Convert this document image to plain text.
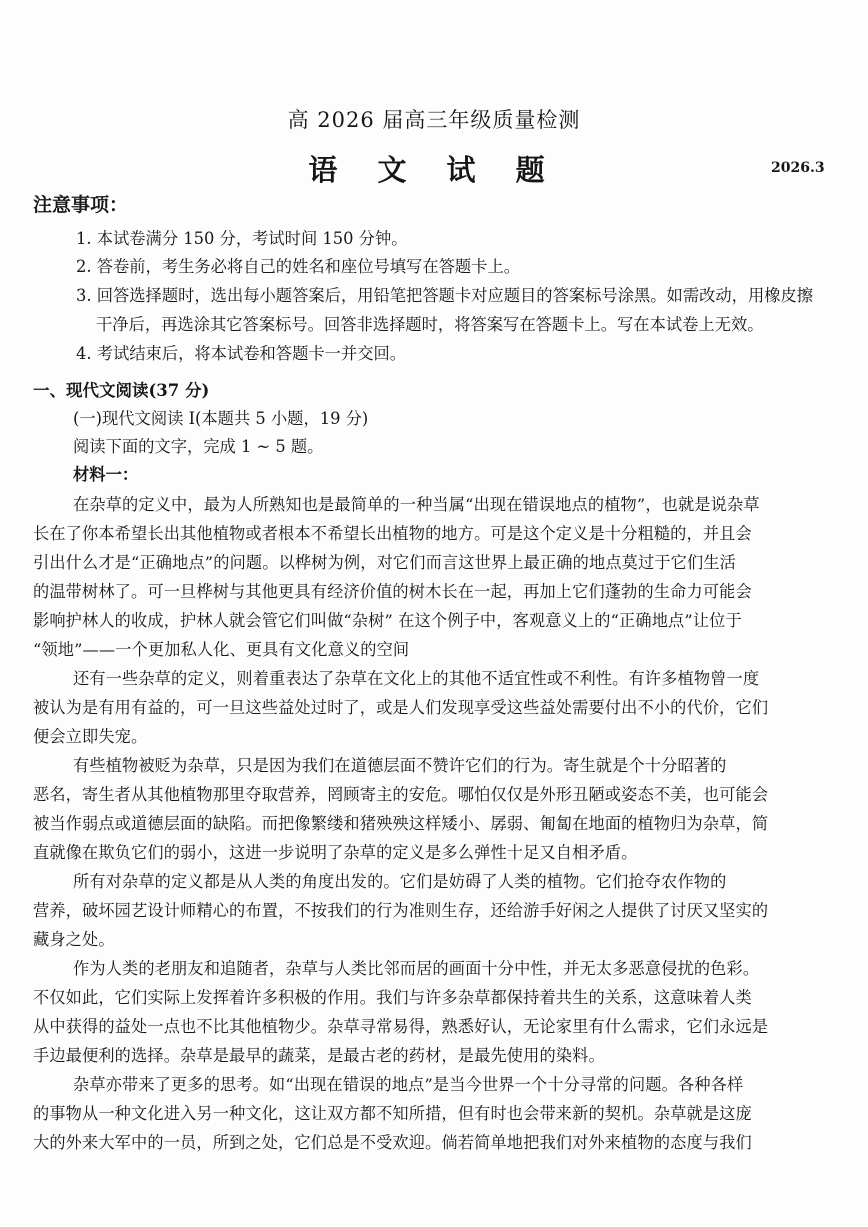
高 2026 届高三年级质量检测
语 文 试 题	2026.3
注意事项：
1. 本试卷满分 150 分，考试时间 150 分钟。
2. 答卷前，考生务必将自己的姓名和座位号填写在答题卡上。
3. 回答选择题时，选出每小题答案后，用铅笔把答题卡对应题目的答案标号涂黑。如需改动，用橡皮擦
干净后，再选涂其它答案标号。回答非选择题时，将答案写在答题卡上。写在本试卷上无效。
4. 考试结束后，将本试卷和答题卡一并交回。
一、现代文阅读(37 分)
(一)现代文阅读 Ⅰ(本题共 5 小题，19 分)
阅读下面的文字，完成 1 ~ 5 题。
材料一：
在杂草的定义中，最为人所熟知也是最简单的一种当属“出现在错误地点的植物”，也就是说杂草
长在了你本希望长出其他植物或者根本不希望长出植物的地方。可是这个定义是十分粗糙的，并且会
引出什么才是“正确地点”的问题。以桦树为例，对它们而言这世界上最正确的地点莫过于它们生活
的温带树林了。可一旦桦树与其他更具有经济价值的树木长在一起，再加上它们蓬勃的生命力可能会
影响护林人的收成，护林人就会管它们叫做“杂树” 在这个例子中，客观意义上的“正确地点”让位于
“领地”——一个更加私人化、更具有文化意义的空间
还有一些杂草的定义，则着重表达了杂草在文化上的其他不适宜性或不利性。有许多植物曾一度
被认为是有用有益的，可一旦这些益处过时了，或是人们发现享受这些益处需要付出不小的代价，它们
便会立即失宠。
有些植物被贬为杂草，只是因为我们在道德层面不赞许它们的行为。寄生就是个十分昭著的
恶名，寄生者从其他植物那里夺取营养，罔顾寄主的安危。哪怕仅仅是外形丑陋或姿态不美，也可能会
被当作弱点或道德层面的缺陷。而把像繁缕和猪殃殃这样矮小、孱弱、匍匐在地面的植物归为杂草，简
直就像在欺负它们的弱小，这进一步说明了杂草的定义是多么弹性十足又自相矛盾。
所有对杂草的定义都是从人类的角度出发的。它们是妨碍了人类的植物。它们抢夺农作物的
营养，破坏园艺设计师精心的布置，不按我们的行为准则生存，还给游手好闲之人提供了讨厌又坚实的
藏身之处。
作为人类的老朋友和追随者，杂草与人类比邻而居的画面十分中性，并无太多恶意侵扰的色彩。
不仅如此，它们实际上发挥着许多积极的作用。我们与许多杂草都保持着共生的关系，这意味着人类
从中获得的益处一点也不比其他植物少。杂草寻常易得，熟悉好认，无论家里有什么需求，它们永远是
手边最便利的选择。杂草是最早的蔬菜，是最古老的药材，是最先使用的染料。
杂草亦带来了更多的思考。如“出现在错误的地点”是当今世界一个十分寻常的问题。各种各样
的事物从一种文化进入另一种文化，这让双方都不知所措，但有时也会带来新的契机。杂草就是这庞
大的外来大军中的一员，所到之处，它们总是不受欢迎。倘若简单地把我们对外来植物的态度与我们
